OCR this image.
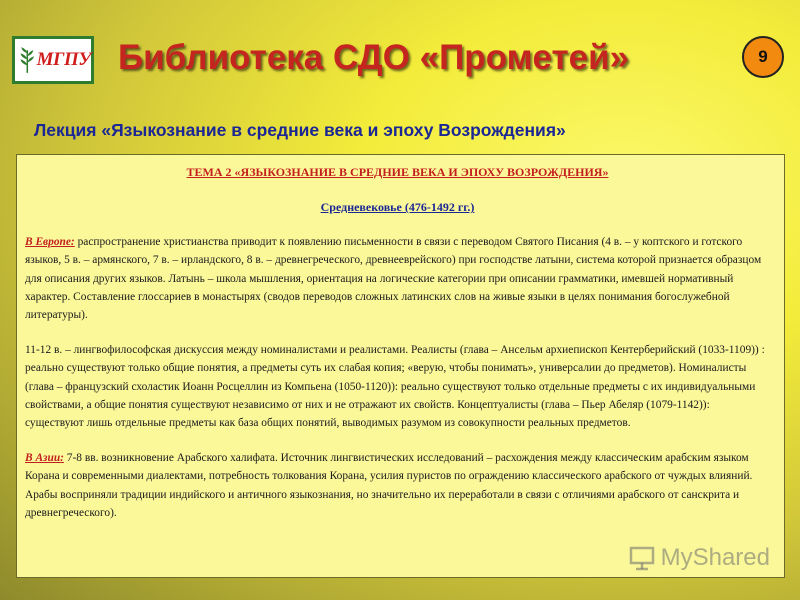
МГПУ Библиотека СДО «Прометей»	9
Лекция «Языкознание в средние века и эпоху Возрождения»
ТЕМА 2 «ЯЗЫКОЗНАНИЕ В СРЕДНИЕ ВЕКА И ЭПОХУ ВОЗРОЖДЕНИЯ»
Средневековье (476-1492 гг.)

В Европе: распространение христианства приводит к появлению письменности в связи с переводом Святого Писания (4 в. – у коптского и готского языков, 5 в. – армянского, 7 в. – ирландского, 8 в. – древнегреческого, древнееврейского) при господстве латыни, система которой признается образцом для описания других языков. Латынь – школа мышления, ориентация на логические категории при описании грамматики, имевшей нормативный характер. Составление глоссариев в монастырях (сводов переводов сложных латинских слов на живые языки в целях понимания богослужебной литературы).

11-12 в. – лингвофилософская дискуссия между номиналистами и реалистами. Реалисты (глава – Ансельм архиепископ Кентерберийский (1033-1109)) : реально существуют только общие понятия, а предметы суть их слабая копия; «верую, чтобы понимать», универсалии до предметов). Номиналисты (глава – французский схоластик Иоанн Росцеллин из Компьена (1050-1120)): реально существуют только отдельные предметы с их индивидуальными свойствами, а общие понятия существуют независимо от них и не отражают их свойств. Концептуалисты (глава – Пьер Абеляр (1079-1142)): существуют лишь отдельные предметы как база общих понятий, выводимых разумом из совокупности реальных предметов.

В Азии: 7-8 вв. возникновение Арабского халифата. Источник лингвистических исследований – расхождения между классическим арабским языком Корана и современными диалектами, потребность толкования Корана, усилия пуристов по ограждению классического арабского от чуждых влияний. Арабы восприняли традиции индийского и античного языкознания, но значительно их переработали в связи с отличиями арабского от санскрита и древнегреческого).

MyShared
